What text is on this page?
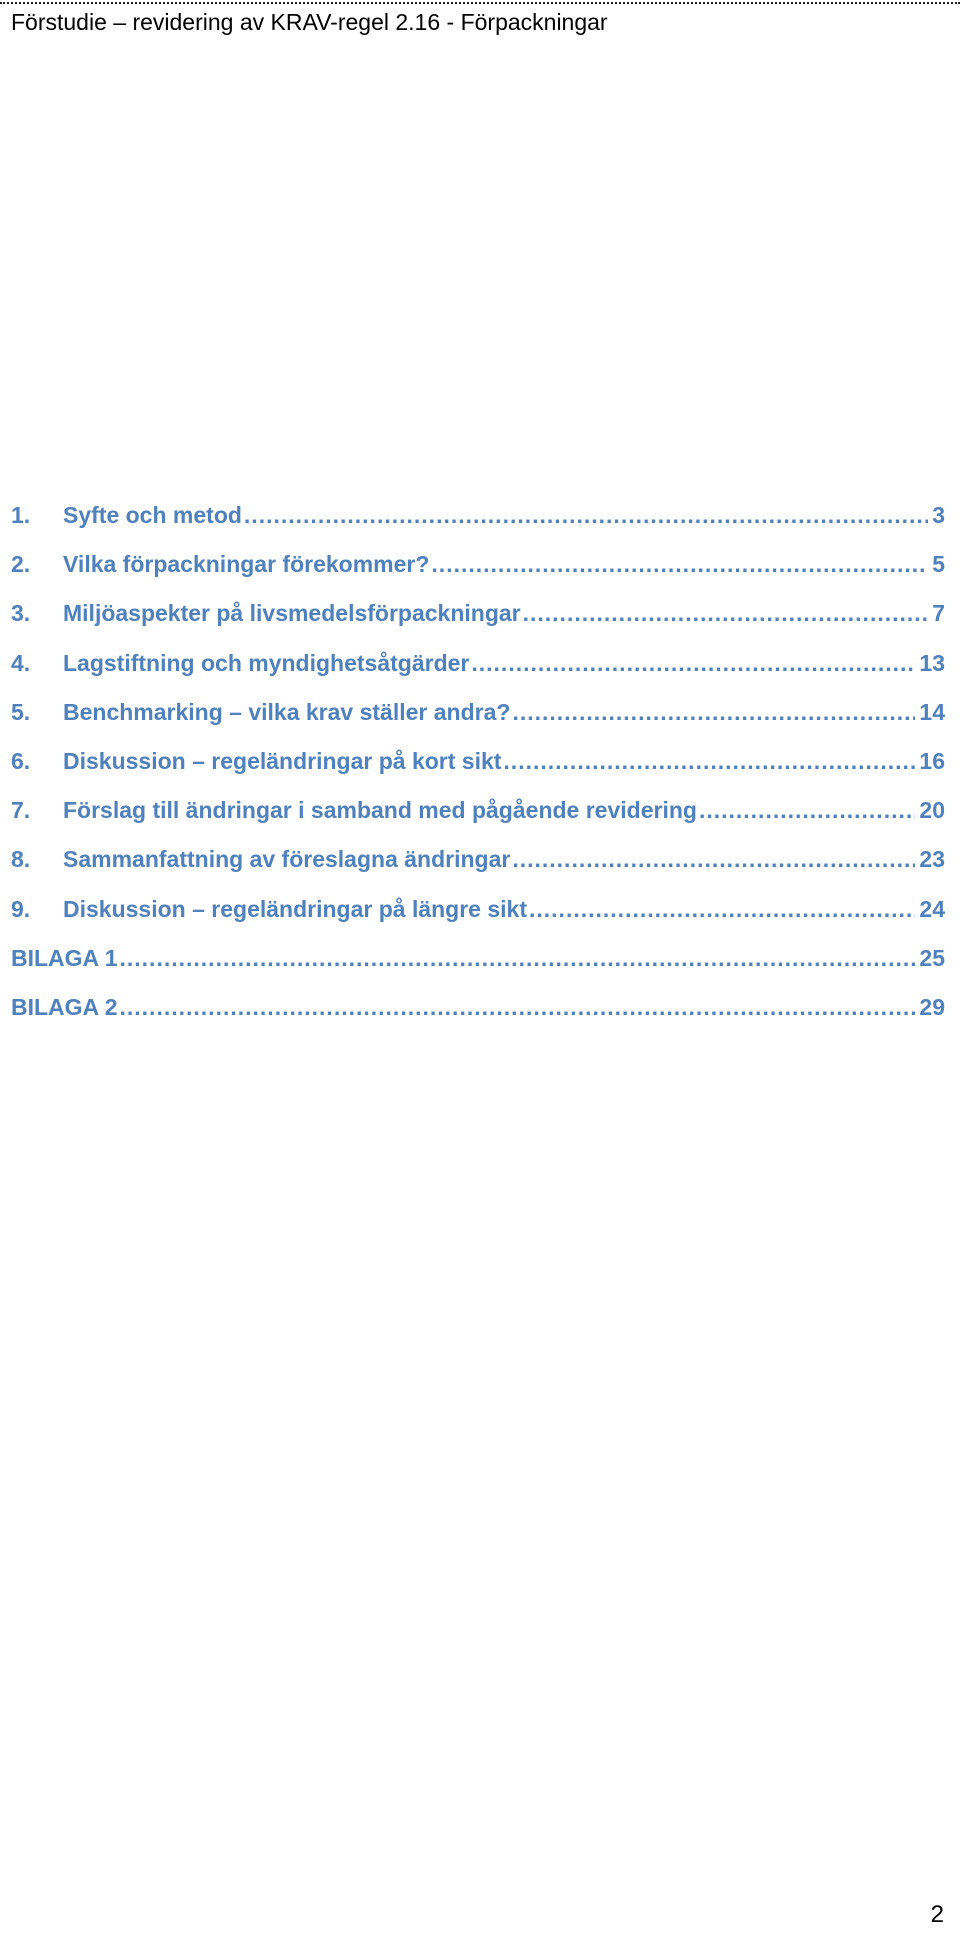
Förstudie – revidering av KRAV-regel 2.16 - Förpackningar
1.	Syfte och metod .....	3
2.	Vilka förpackningar förekommer? .....	5
3.	Miljöaspekter på livsmedelsförpackningar .....	7
4.	Lagstiftning och myndighetsåtgärder .....	13
5.	Benchmarking – vilka krav ställer andra? .....	14
6.	Diskussion – regeländringar på kort sikt .....	16
7.	Förslag till ändringar i samband med pågående revidering .....	20
8.	Sammanfattning av föreslagna ändringar .....	23
9.	Diskussion – regeländringar på längre sikt .....	24
BILAGA 1 .....	25
BILAGA 2 .....	29
2
